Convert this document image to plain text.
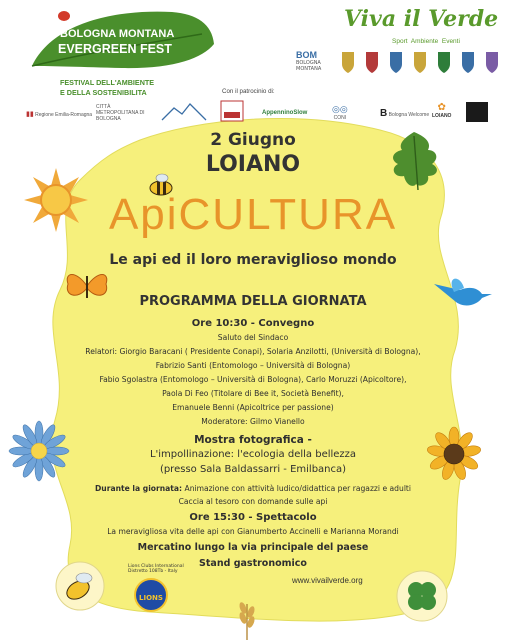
BOLOGNA MONTANA
EVERGREEN FEST
FESTIVAL DELL'AMBIENTE
E DELLA SOSTENIBILITA
Viva il Verde
Sport  Ambiente  Eventi
BOM
BOLOGNA
MONTANA
Con il patrocinio di:
▮▮ Regione Emilia-Romagna
CITTÀ METROPOLITANA DI BOLOGNA
AppenninoSlow	◎◎
CONI	B Bologna Welcome
✿
LOIANO
2 Giugno
LOIANO
ApiCULTURA
Le api ed il loro meraviglioso mondo
PROGRAMMA DELLA GIORNATA
Ore 10:30 - Convegno
Saluto del Sindaco
Relatori: Giorgio Baracani ( Presidente Conapi), Solaria Anzilotti, (Università di Bologna),
Fabrizio Santi (Entomologo – Università di Bologna)
Fabio Sgolastra (Entomologo – Università di Bologna), Carlo Moruzzi (Apicoltore),
Paola Di Feo (Titolare di Bee it, Società Benefit),
Emanuele Benni (Apicoltrice per passione)
Moderatore: Gilmo Vianello
Mostra fotografica -
L'impollinazione: l'ecologia della bellezza
(presso Sala Baldassarri - Emilbanca)
Durante la giornata: Animazione con attività ludico/didattica per ragazzi e adulti
Caccia al tesoro con domande sulle api
Ore 15:30 - Spettacolo
La meravigliosa vita delle api con Gianumberto Accinelli e Marianna Morandi
Mercatino lungo la via principale del paese
Stand gastronomico
www.vivailverde.org
Lions Clubs International
Distretto 108Tb - Italy
LIONS
